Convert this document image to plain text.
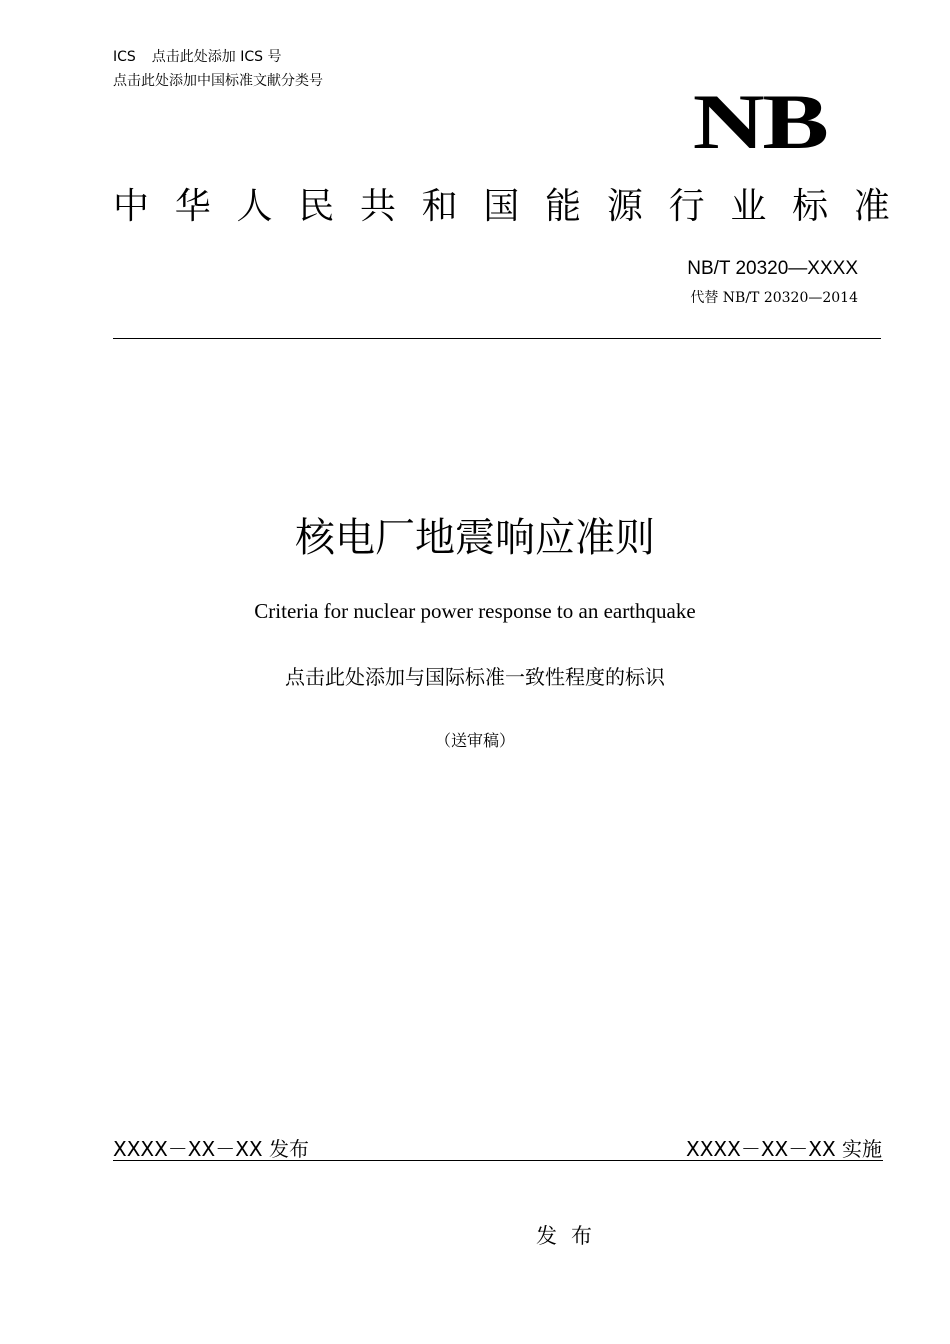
ICS 点击此处添加 ICS 号
点击此处添加中国标准文献分类号	NB
中 华 人 民 共 和 国 能 源 行 业 标 准
NB/T 20320—XXXX
代替 NB/T 20320—2014
核电厂地震响应准则
Criteria for nuclear power response to an earthquake
点击此处添加与国际标准一致性程度的标识
（送审稿）
XXXX－XX－XX 发布	XXXX－XX－XX 实施
发布
